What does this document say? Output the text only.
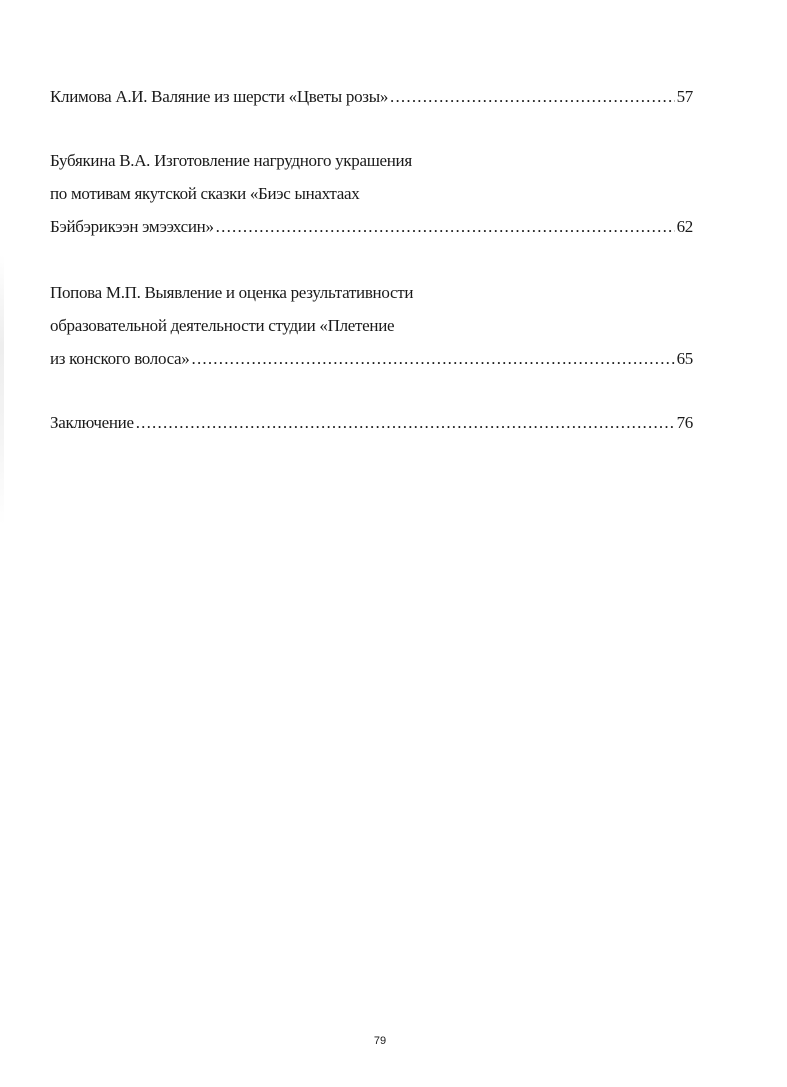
Климова А.И. Валяние из шерсти «Цветы розы» .....	57
Бубякина В.А. Изготовление нагрудного украшения
по мотивам якутской сказки «Биэс ынахтаах
Бэйбэрикээн эмээхсин» .....	62
Попова М.П. Выявление и оценка результативности
образовательной деятельности студии «Плетение
из конского волоса» .....	65
Заключение .....	76
79
